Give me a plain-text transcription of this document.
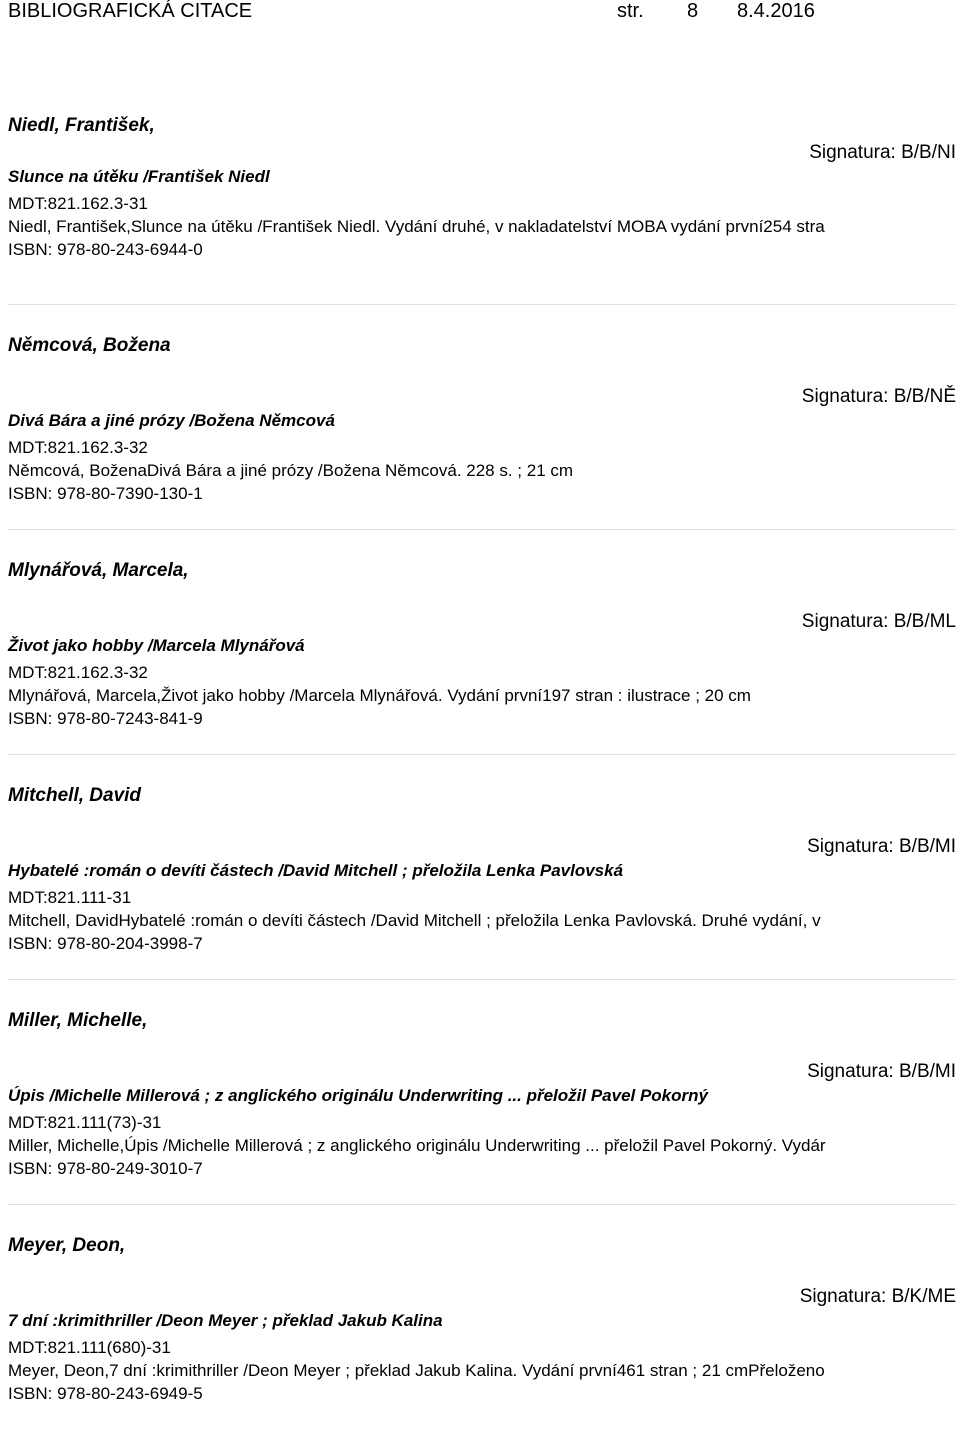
BIBLIOGRAFICKÁ CITACE	str. 8 8.4.2016
Niedl, František,
Signatura: B/B/NI
Slunce na útěku /František Niedl
MDT:821.162.3-31
Niedl, František,Slunce na útěku /František Niedl. Vydání druhé, v nakladatelství MOBA vydání první254 stra
ISBN: 978-80-243-6944-0
Němcová, Božena
Signatura: B/B/NĚ
Divá Bára a jiné prózy /Božena Němcová
MDT:821.162.3-32
Němcová, BoženaDivá Bára a jiné prózy /Božena Němcová. 228 s. ; 21 cm
ISBN: 978-80-7390-130-1
Mlynářová, Marcela,
Signatura: B/B/ML
Život jako hobby /Marcela Mlynářová
MDT:821.162.3-32
Mlynářová, Marcela,Život jako hobby /Marcela Mlynářová. Vydání první197 stran : ilustrace ; 20 cm
ISBN: 978-80-7243-841-9
Mitchell, David
Signatura: B/B/MI
Hybatelé :román o devíti částech /David Mitchell ; přeložila Lenka Pavlovská
MDT:821.111-31
Mitchell, DavidHybatelé :román o devíti částech /David Mitchell ; přeložila Lenka Pavlovská. Druhé vydání, v
ISBN: 978-80-204-3998-7
Miller, Michelle,
Signatura: B/B/MI
Úpis /Michelle Millerová ; z anglického originálu Underwriting ... přeložil Pavel Pokorný
MDT:821.111(73)-31
Miller, Michelle,Úpis /Michelle Millerová ; z anglického originálu Underwriting ... přeložil Pavel Pokorný. Vydár
ISBN: 978-80-249-3010-7
Meyer, Deon,
Signatura: B/K/ME
7 dní :krimithriller /Deon Meyer ; překlad Jakub Kalina
MDT:821.111(680)-31
Meyer, Deon,7 dní :krimithriller /Deon Meyer ; překlad Jakub Kalina. Vydání první461 stran ; 21 cmPřeloženo
ISBN: 978-80-243-6949-5
